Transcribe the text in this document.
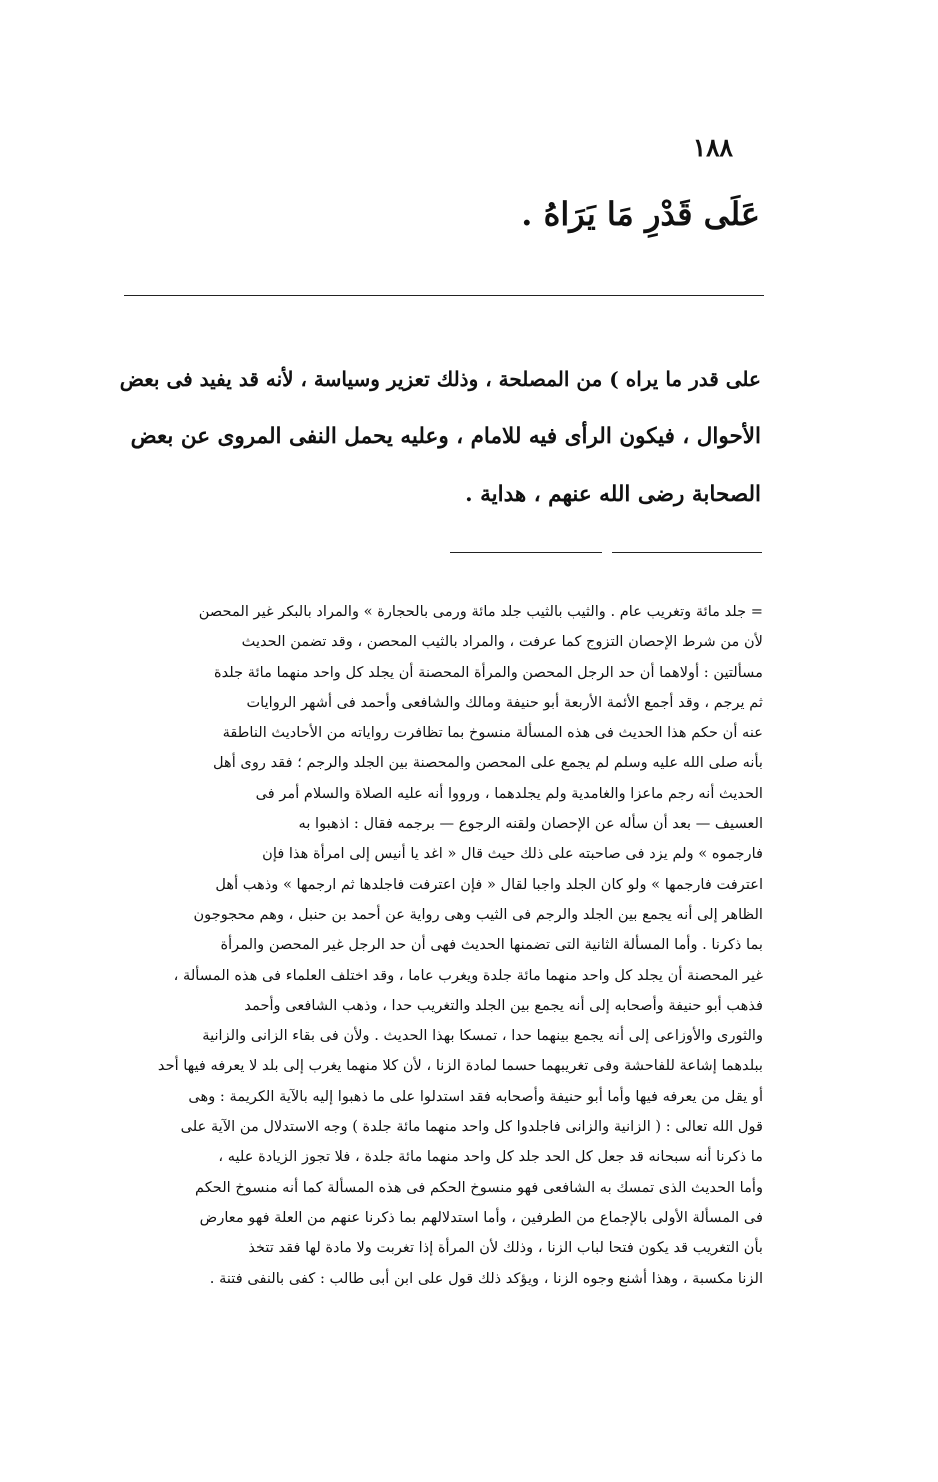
١٨٨
عَلَى قَدْرِ مَا يَرَاهُ .

على قدر ما يراه ) من المصلحة ، وذلك تعزير وسياسة ، لأنه قد يفيد فى بعض

الأحوال ، فيكون الرأى فيه للامام ، وعليه يحمل النفى المروى عن بعض

الصحابة رضى الله عنهم ، هداية .

= جلد مائة وتغريب عام . والثيب بالثيب جلد مائة ورمى بالحجارة » والمراد بالبكر غير المحصن

لأن من شرط الإحصان التزوج كما عرفت ، والمراد بالثيب المحصن ، وقد تضمن الحديث

مسألتين : أولاهما أن حد الرجل المحصن والمرأة المحصنة أن يجلد كل واحد منهما مائة جلدة

ثم يرجم ، وقد أجمع الأئمة الأربعة أبو حنيفة ومالك والشافعى وأحمد فى أشهر الروايات

عنه أن حكم هذا الحديث فى هذه المسألة منسوخ بما تظافرت رواياته من الأحاديث الناطقة

بأنه صلى الله عليه وسلم لم يجمع على المحصن والمحصنة بين الجلد والرجم ؛ فقد روى أهل

الحديث أنه رجم ماعزا والغامدية ولم يجلدهما ، ورووا أنه عليه الصلاة والسلام أمر فى

العسيف — بعد أن سأله عن الإحصان ولقنه الرجوع — برجمه فقال : اذهبوا به

فارجموه » ولم يزد فى صاحبته على ذلك حيث قال « اغد يا أنيس إلى امرأة هذا فإن

اعترفت فارجمها » ولو كان الجلد واجبا لقال « فإن اعترفت فاجلدها ثم ارجمها » وذهب أهل

الظاهر إلى أنه يجمع بين الجلد والرجم فى الثيب وهى رواية عن أحمد بن حنبل ، وهم محجوجون

بما ذكرنا . وأما المسألة الثانية التى تضمنها الحديث فهى أن حد الرجل غير المحصن والمرأة

غير المحصنة أن يجلد كل واحد منهما مائة جلدة ويغرب عاما ، وقد اختلف العلماء فى هذه المسألة ،

فذهب أبو حنيفة وأصحابه إلى أنه يجمع بين الجلد والتغريب حدا ، وذهب الشافعى وأحمد

والثورى والأوزاعى إلى أنه يجمع بينهما حدا ، تمسكا بهذا الحديث . ولأن فى بقاء الزانى والزانية

ببلدهما إشاعة للفاحشة وفى تغريبهما حسما لمادة الزنا ، لأن كلا منهما يغرب إلى بلد لا يعرفه فيها أحد

أو يقل من يعرفه فيها وأما أبو حنيفة وأصحابه فقد استدلوا على ما ذهبوا إليه بالآية الكريمة : وهى

قول الله تعالى : ( الزانية والزانى فاجلدوا كل واحد منهما مائة جلدة ) وجه الاستدلال من الآية على

ما ذكرنا أنه سبحانه قد جعل كل الحد جلد كل واحد منهما مائة جلدة ، فلا تجوز الزيادة عليه ،

وأما الحديث الذى تمسك به الشافعى فهو منسوخ الحكم فى هذه المسألة كما أنه منسوخ الحكم

فى المسألة الأولى بالإجماع من الطرفين ، وأما استدلالهم بما ذكرنا عنهم من العلة فهو معارض

بأن التغريب قد يكون فتحا لباب الزنا ، وذلك لأن المرأة إذا تغربت ولا مادة لها فقد تتخذ

الزنا مكسبة ، وهذا أشنع وجوه الزنا ، ويؤكد ذلك قول على ابن أبى طالب : كفى بالنفى فتنة .
